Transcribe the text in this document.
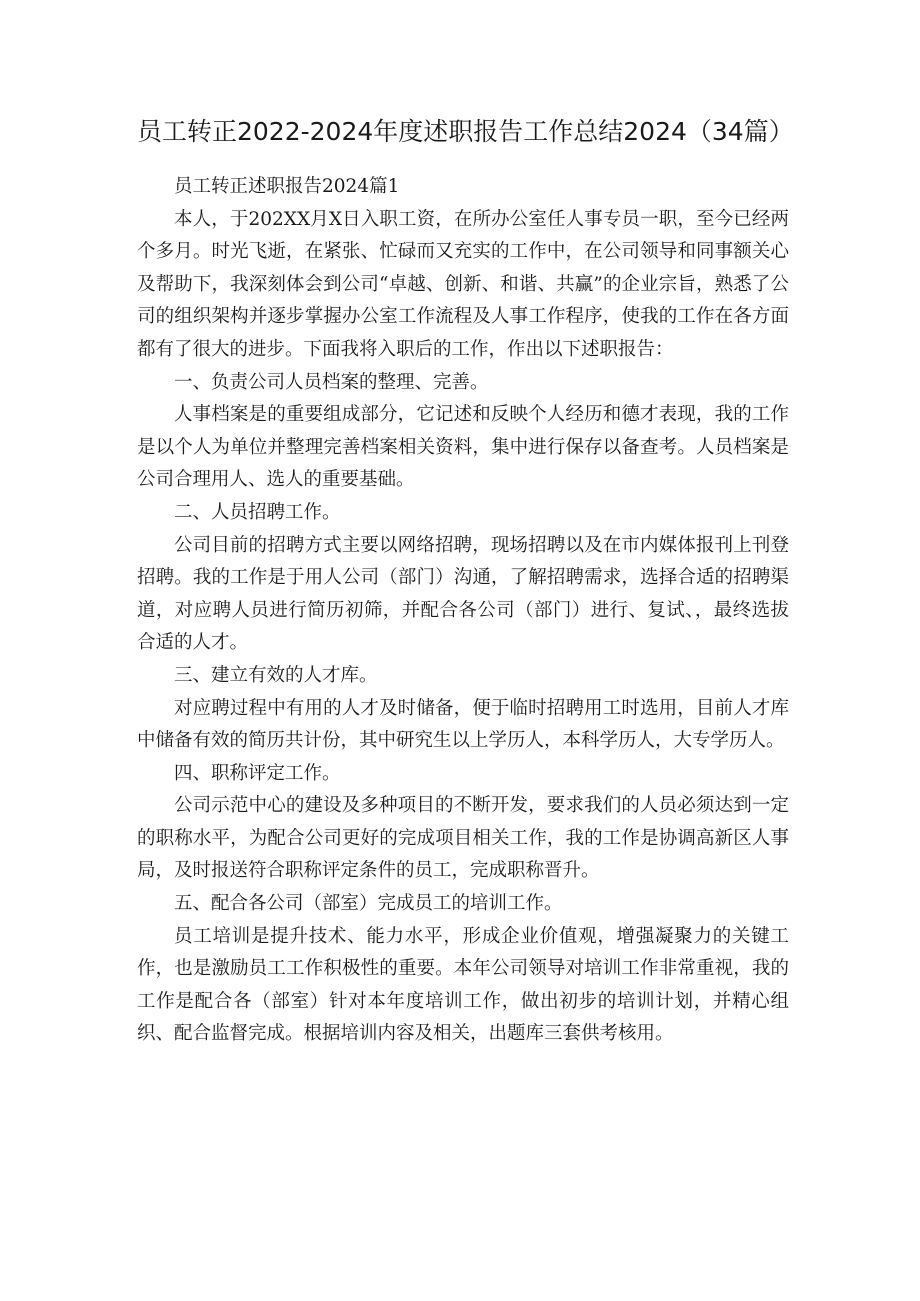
员工转正2022-2024年度述职报告工作总结2024（34篇）

员工转正述职报告2024篇1

本人，于202XX月X日入职工资，在所办公室任人事专员一职，至今已经两个多月。时光飞逝，在紧张、忙碌而又充实的工作中，在公司领导和同事额关心及帮助下，我深刻体会到公司“卓越、创新、和谐、共赢”的企业宗旨，熟悉了公司的组织架构并逐步掌握办公室工作流程及人事工作程序，使我的工作在各方面都有了很大的进步。下面我将入职后的工作，作出以下述职报告：

一、负责公司人员档案的整理、完善。

人事档案是的重要组成部分，它记述和反映个人经历和德才表现，我的工作是以个人为单位并整理完善档案相关资料，集中进行保存以备查考。人员档案是公司合理用人、选人的重要基础。

二、人员招聘工作。

公司目前的招聘方式主要以网络招聘，现场招聘以及在市内媒体报刊上刊登招聘。我的工作是于用人公司（部门）沟通，了解招聘需求，选择合适的招聘渠道，对应聘人员进行简历初筛，并配合各公司（部门）进行、复试、，最终选拔合适的人才。

三、建立有效的人才库。

对应聘过程中有用的人才及时储备，便于临时招聘用工时选用，目前人才库中储备有效的简历共计份，其中研究生以上学历人，本科学历人，大专学历人。

四、职称评定工作。

公司示范中心的建设及多种项目的不断开发，要求我们的人员必须达到一定的职称水平，为配合公司更好的完成项目相关工作，我的工作是协调高新区人事局，及时报送符合职称评定条件的员工，完成职称晋升。

五、配合各公司（部室）完成员工的培训工作。

员工培训是提升技术、能力水平，形成企业价值观，增强凝聚力的关键工作，也是激励员工工作积极性的重要。本年公司领导对培训工作非常重视，我的工作是配合各（部室）针对本年度培训工作，做出初步的培训计划，并精心组织、配合监督完成。根据培训内容及相关，出题库三套供考核用。
